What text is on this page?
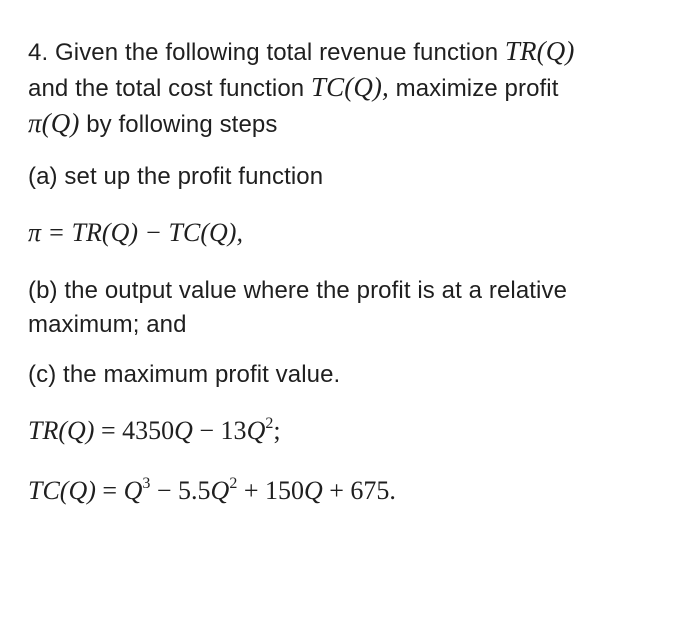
4. Given the following total revenue function TR(Q)
and the total cost function TC(Q), maximize profit
π(Q) by following steps
(a) set up the profit function
π = TR(Q) − TC(Q),
(b) the output value where the profit is at a relative
maximum; and
(c) the maximum profit value.
$TR(Q) = 4350Q - 13Q^2$;
$TC(Q) = Q^3 - 5.5Q^2 + 150Q + 675$.
